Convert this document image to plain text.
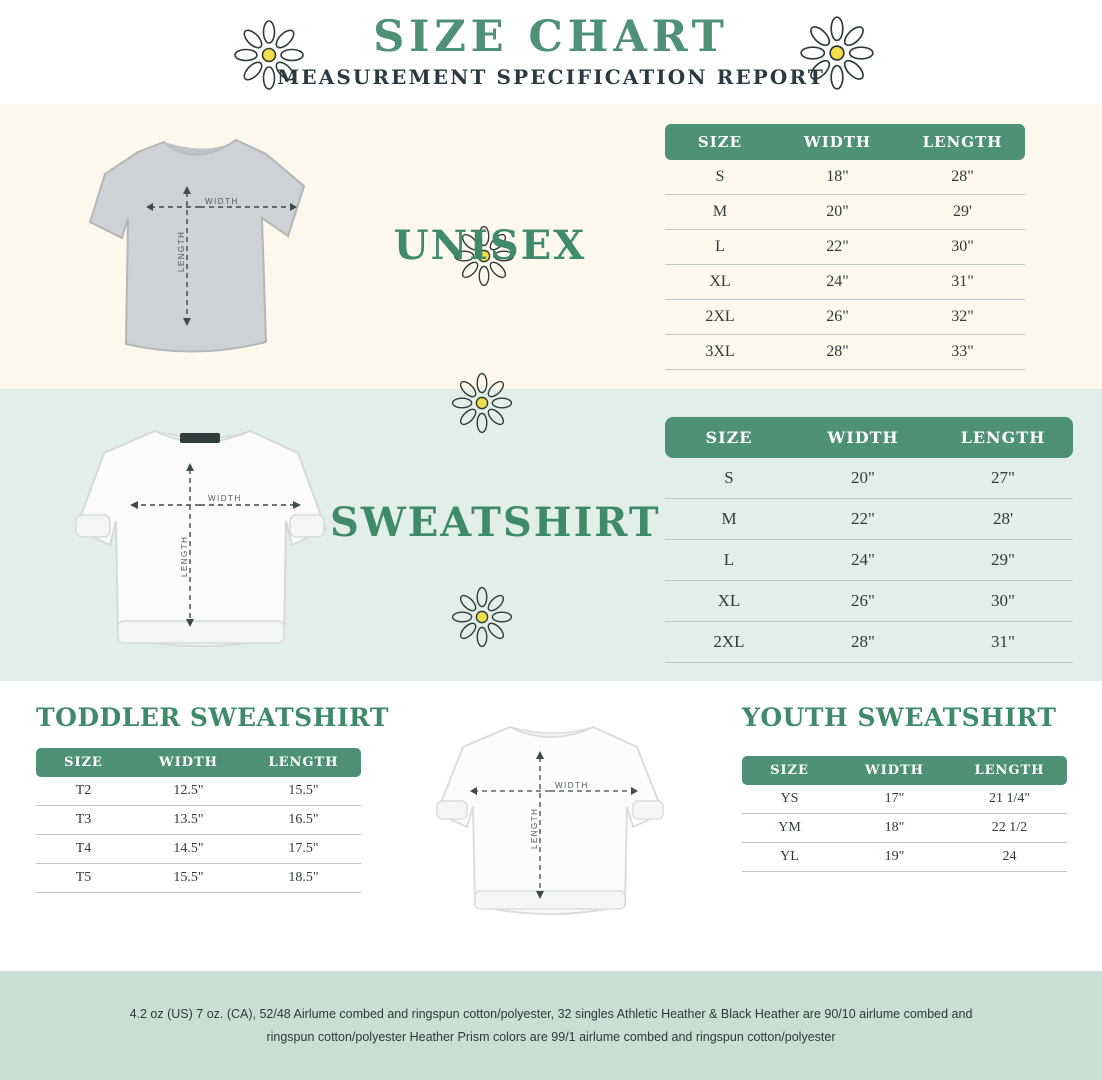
SIZE CHART
MEASUREMENT SPECIFICATION REPORT
WIDTH
LENGTH	UNISEX
SIZE	WIDTH	LENGTH
S	18"	28"
M	20"	29'
L	22"	30"
XL	24"	31"
2XL	26"	32"
3XL	28"	33"
WIDTH
LENGTH
SWEATSHIRT
SIZE	WIDTH	LENGTH
S	20"	27"
M	22"	28'
L	24"	29"
XL	26"	30"
2XL	28"	31"
TODDLER SWEATSHIRT
SIZE	WIDTH	LENGTH
T2	12.5"	15.5"
T3	13.5"	16.5"
T4	14.5"	17.5"
T5	15.5"	18.5"
WIDTH
LENGTH
YOUTH SWEATSHIRT
SIZE	WIDTH	LENGTH
YS	17"	21 1/4"
YM	18"	22 1/2
YL	19"	24

4.2 oz (US) 7 oz. (CA), 52/48 Airlume combed and ringspun cotton/polyester, 32 singles Athletic Heather & Black Heather are 90/10 airlume combed and
ringspun cotton/polyester Heather Prism colors are 99/1 airlume combed and ringspun cotton/polyester
